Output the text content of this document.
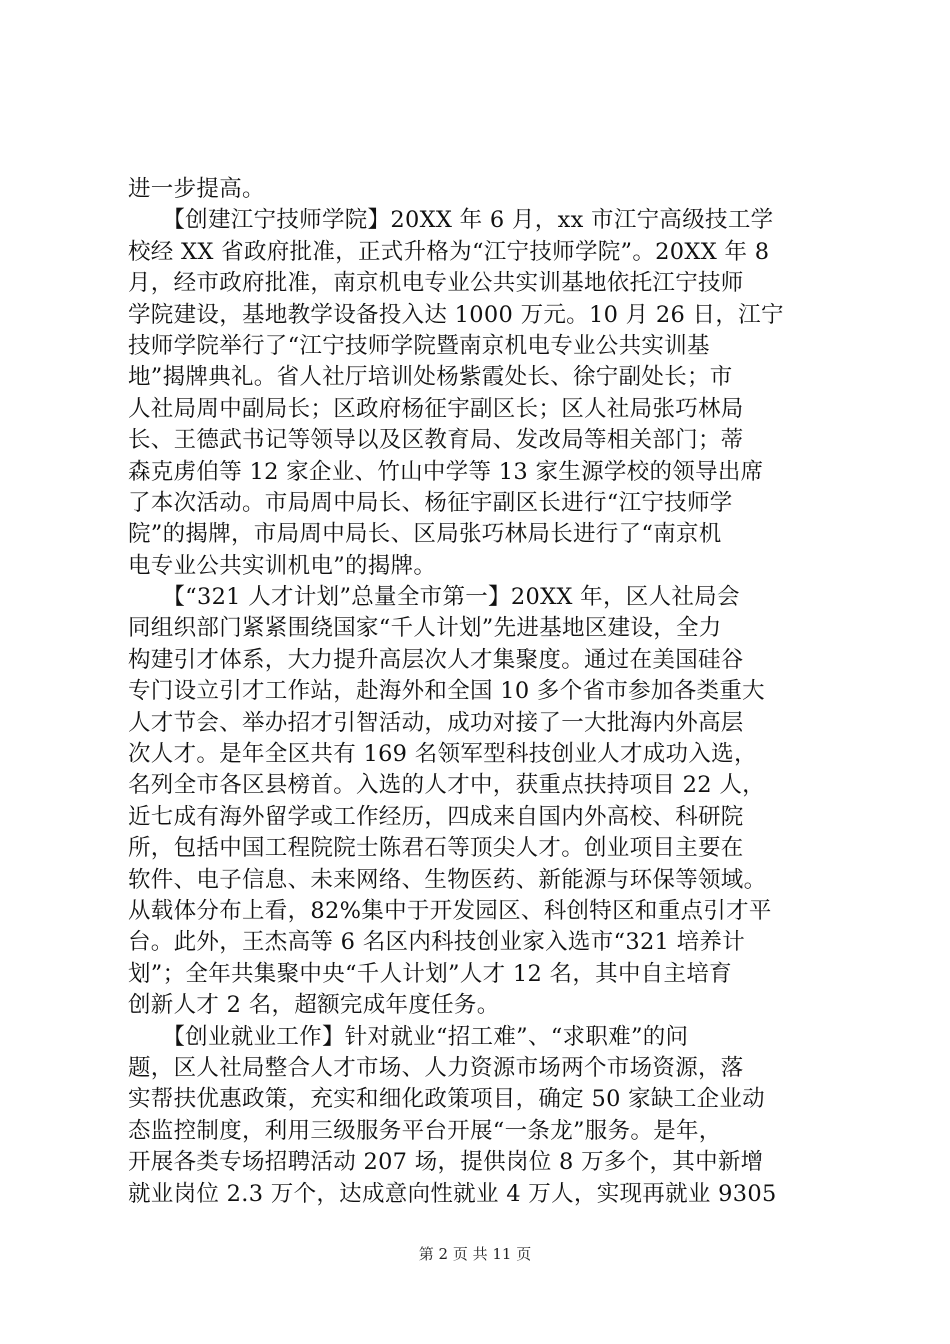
进一步提高。
　　【创建江宁技师学院】20XX 年 6 月，xx 市江宁高级技工学
校经 XX 省政府批准，正式升格为“江宁技师学院”。20XX 年 8
月，经市政府批准，南京机电专业公共实训基地依托江宁技师
学院建设，基地教学设备投入达 1000 万元。10 月 26 日，江宁
技师学院举行了“江宁技师学院暨南京机电专业公共实训基
地”揭牌典礼。省人社厅培训处杨紫霞处长、徐宁副处长；市
人社局周中副局长；区政府杨征宇副区长；区人社局张巧林局
长、王德武书记等领导以及区教育局、发改局等相关部门；蒂
森克虏伯等 12 家企业、竹山中学等 13 家生源学校的领导出席
了本次活动。市局周中局长、杨征宇副区长进行“江宁技师学
院”的揭牌，市局周中局长、区局张巧林局长进行了“南京机
电专业公共实训机电”的揭牌。
　　【“321 人才计划”总量全市第一】20XX 年，区人社局会
同组织部门紧紧围绕国家“千人计划”先进基地区建设，全力
构建引才体系，大力提升高层次人才集聚度。通过在美国硅谷
专门设立引才工作站，赴海外和全国 10 多个省市参加各类重大
人才节会、举办招才引智活动，成功对接了一大批海内外高层
次人才。是年全区共有 169 名领军型科技创业人才成功入选，
名列全市各区县榜首。入选的人才中，获重点扶持项目 22 人，
近七成有海外留学或工作经历，四成来自国内外高校、科研院
所，包括中国工程院院士陈君石等顶尖人才。创业项目主要在
软件、电子信息、未来网络、生物医药、新能源与环保等领域。
从载体分布上看，82%集中于开发园区、科创特区和重点引才平
台。此外，王杰高等 6 名区内科技创业家入选市“321 培养计
划”；全年共集聚中央“千人计划”人才 12 名，其中自主培育
创新人才 2 名，超额完成年度任务。
　　【创业就业工作】针对就业“招工难”、“求职难”的问
题，区人社局整合人才市场、人力资源市场两个市场资源，落
实帮扶优惠政策，充实和细化政策项目，确定 50 家缺工企业动
态监控制度，利用三级服务平台开展“一条龙”服务。是年，
开展各类专场招聘活动 207 场，提供岗位 8 万多个，其中新增
就业岗位 2.3 万个，达成意向性就业 4 万人，实现再就业 9305
第 2 页 共 11 页
